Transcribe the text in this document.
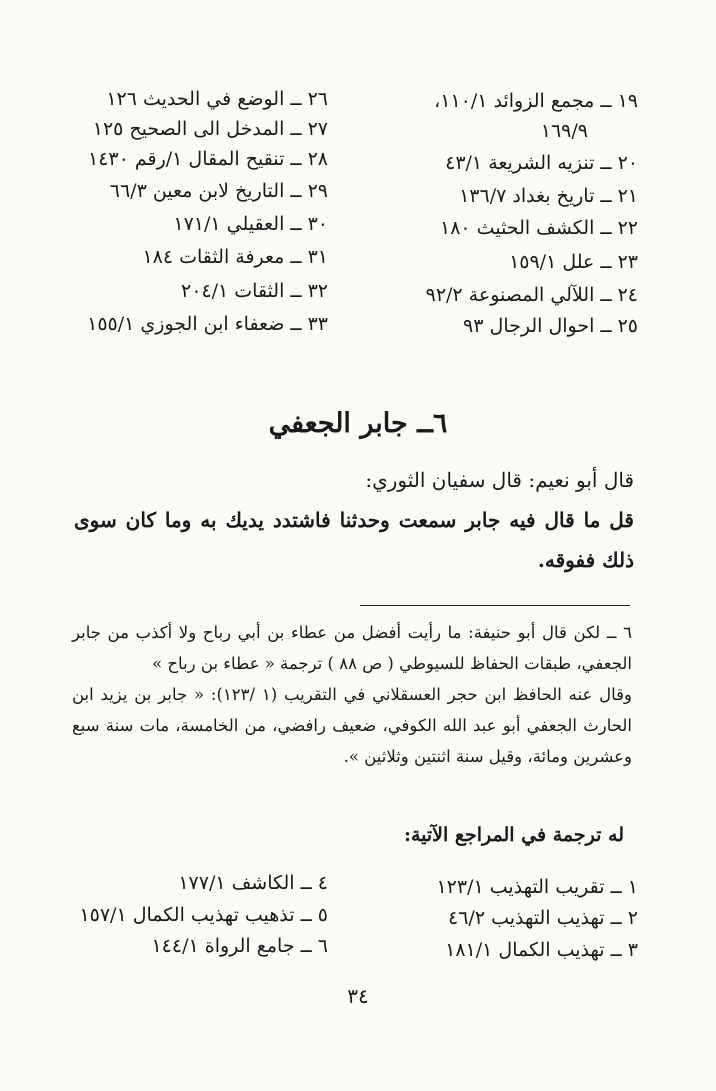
١٩ ــ مجمع الزوائد ١١٠/١،
١٦٩/٩
٢٠ ــ تنزيه الشريعة ٤٣/١
٢١ ــ تاريخ بغداد ١٣٦/٧
٢٢ ــ الكشف الحثيث ١٨٠
٢٣ ــ علل ١٥٩/١
٢٤ ــ اللآلي المصنوعة ٩٢/٢
٢٥ ــ احوال الرجال ٩٣
٢٦ ــ الوضع في الحديث ١٢٦
٢٧ ــ المدخل الى الصحيح ١٢٥
٢٨ ــ تنقيح المقال ١/رقم ١٤٣٠
٢٩ ــ التاريخ لابن معين ٦٦/٣
٣٠ ــ العقيلي ١٧١/١
٣١ ــ معرفة الثقات ١٨٤
٣٢ ــ الثقات ٢٠٤/١
٣٣ ــ ضعفاء ابن الجوزي ١٥٥/١
٦ــ جابر الجعفي
قال أبو نعيم: قال سفيان الثوري:
قل ما قال فيه جابر سمعت وحدثنا فاشتدد يديك به وما كان سوى ذلك ففوقه.
٦ ــ لكن قال أبو حنيفة: ما رأيت أفضل من عطاء بن أبي رباح ولا أكذب من جابر الجعفي، طبقات الحفاظ للسيوطي ( ص ٨٨ ) ترجمة « عطاء بن رباح »
وقال عنه الحافظ ابن حجر العسقلاني في التقريب (١ /١٢٣): « جابر بن يزيد ابن الحارث الجعفي أبو عبد الله الكوفي، ضعيف رافضي، من الخامسة، مات سنة سبع وعشرين ومائة، وقيل سنة اثنتين وثلاثين ».
له ترجمة في المراجع الآتية:
١ ــ تقريب التهذيب ١٢٣/١
٢ ــ تهذيب التهذيب ٤٦/٢
٣ ــ تهذيب الكمال ١٨١/١
٤ ــ الكاشف ١٧٧/١
٥ ــ تذهيب تهذيب الكمال ١٥٧/١
٦ ــ جامع الرواة ١٤٤/١
٣٤
